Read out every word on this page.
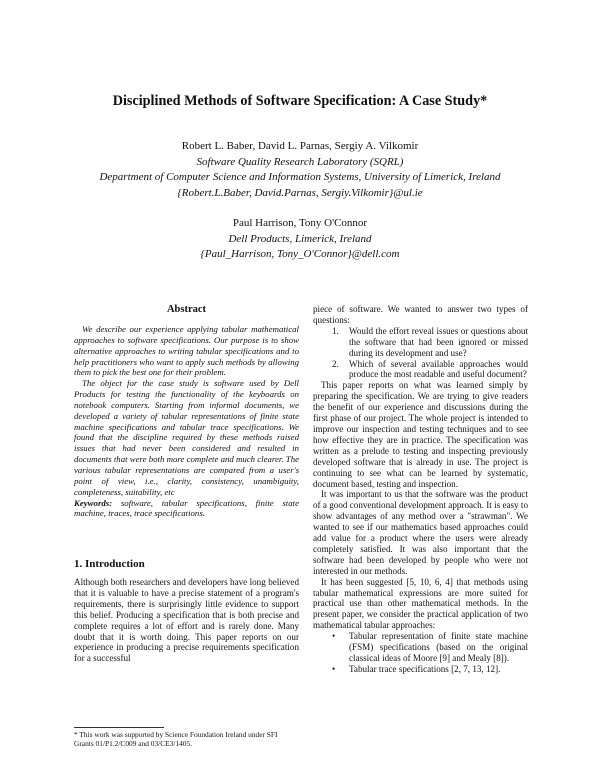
Disciplined Methods of Software Specification: A Case Study*
Robert L. Baber, David L. Parnas, Sergiy A. Vilkomir
Software Quality Research Laboratory (SQRL)
Department of Computer Science and Information Systems, University of Limerick, Ireland
{Robert.L.Baber, David.Parnas, Sergiy.Vilkomir}@ul.ie
Paul Harrison, Tony O'Connor
Dell Products, Limerick, Ireland
{Paul_Harrison, Tony_O'Connor}@dell.com
Abstract

We describe our experience applying tabular mathematical approaches to software specifications. Our purpose is to show alternative approaches to writing tabular specifications and to help practitioners who want to apply such methods by allowing them to pick the best one for their problem.

The object for the case study is software used by Dell Products for testing the functionality of the keyboards on notebook computers. Starting from informal documents, we developed a variety of tabular representations of finite state machine specifications and tabular trace specifications. We found that the discipline required by these methods raised issues that had never been considered and resulted in documents that were both more complete and much clearer. The various tabular representations are compared from a user's point of view, i.e., clarity, consistency, unambiguity, completeness, suitability, etc

Keywords: software, tabular specifications, finite state machine, traces, trace specifications.

1. Introduction

Although both researchers and developers have long believed that it is valuable to have a precise statement of a program's requirements, there is surprisingly little evidence to support this belief. Producing a specification that is both precise and complete requires a lot of effort and is rarely done. Many doubt that it is worth doing. This paper reports on our experience in producing a precise requirements specification for a successful

* This work was supported by Science Foundation Ireland under SFI Grants 01/P1.2/C009 and 03/CE3/1405.

piece of software. We wanted to answer two types of questions:

1. Would the effort reveal issues or questions about the software that had been ignored or missed during its development and use?
2. Which of several available approaches would produce the most readable and useful document?

This paper reports on what was learned simply by preparing the specification. We are trying to give readers the benefit of our experience and discussions during the first phase of our project. The whole project is intended to improve our inspection and testing techniques and to see how effective they are in practice. The specification was written as a prelude to testing and inspecting previously developed software that is already in use. The project is continuing to see what can be learned by systematic, document based, testing and inspection.

It was important to us that the software was the product of a good conventional development approach. It is easy to show advantages of any method over a "strawman". We wanted to see if our mathematics based approaches could add value for a product where the users were already completely satisfied. It was also important that the software had been developed by people who were not interested in our methods.

It has been suggested [5, 10, 6, 4] that methods using tabular mathematical expressions are more suited for practical use than other mathematical methods. In the present paper, we consider the practical application of two mathematical tabular approaches:

• Tabular representation of finite state machine (FSM) specifications (based on the original classical ideas of Moore [9] and Mealy [8]).
• Tabular trace specifications [2, 7, 13, 12].
